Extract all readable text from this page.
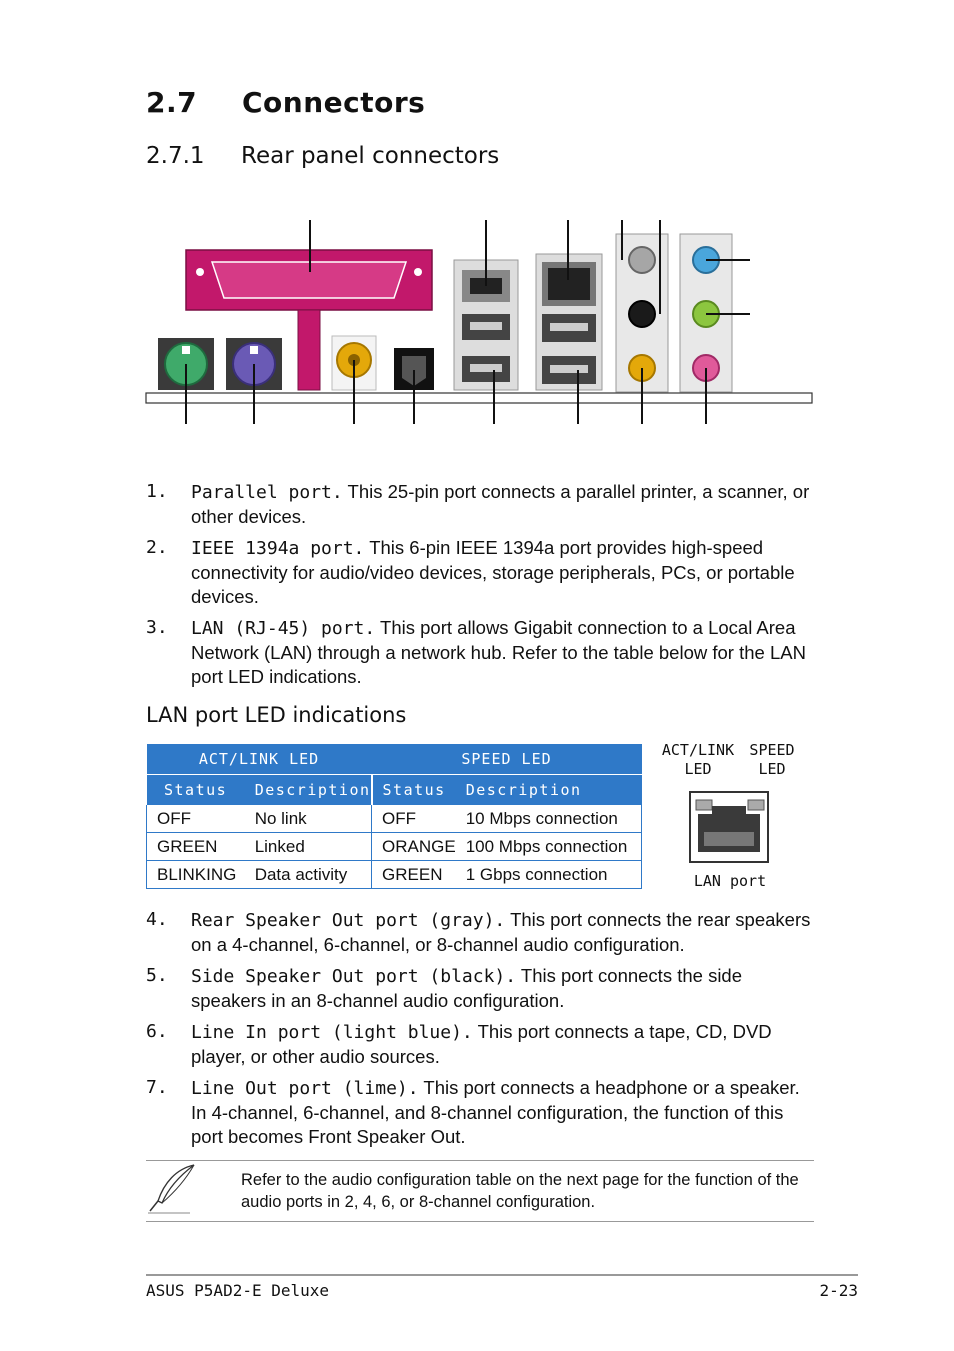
2.7 Connectors
2.7.1 Rear panel connectors
1. Parallel port. This 25-pin port connects a parallel printer, a scanner, or other devices.
2. IEEE 1394a port. This 6-pin IEEE 1394a port provides high-speed connectivity for audio/video devices, storage peripherals, PCs, or portable devices.
3. LAN (RJ-45) port. This port allows Gigabit connection to a Local Area Network (LAN) through a network hub. Refer to the table below for the LAN port LED indications.
LAN port LED indications
ACT/LINK LED		SPEED LED	
Status	Description	Status	Description
OFF	No link	OFF	10 Mbps connection
GREEN	Linked	ORANGE	100 Mbps connection
BLINKING	Data activity	GREEN	1 Gbps connection
ACT/LINK
LED
SPEED
LED
LAN port
4. Rear Speaker Out port (gray). This port connects the rear speakers on a 4-channel, 6-channel, or 8-channel audio configuration.
5. Side Speaker Out port (black). This port connects the side speakers in an 8-channel audio configuration.
6. Line In port (light blue). This port connects a tape, CD, DVD player, or other audio sources.
7. Line Out port (lime). This port connects a headphone or a speaker. In 4-channel, 6-channel, and 8-channel configuration, the function of this port becomes Front Speaker Out.
Refer to the audio configuration table on the next page for the function of the audio ports in 2, 4, 6, or 8-channel configuration.
ASUS P5AD2-E Deluxe	2-23
